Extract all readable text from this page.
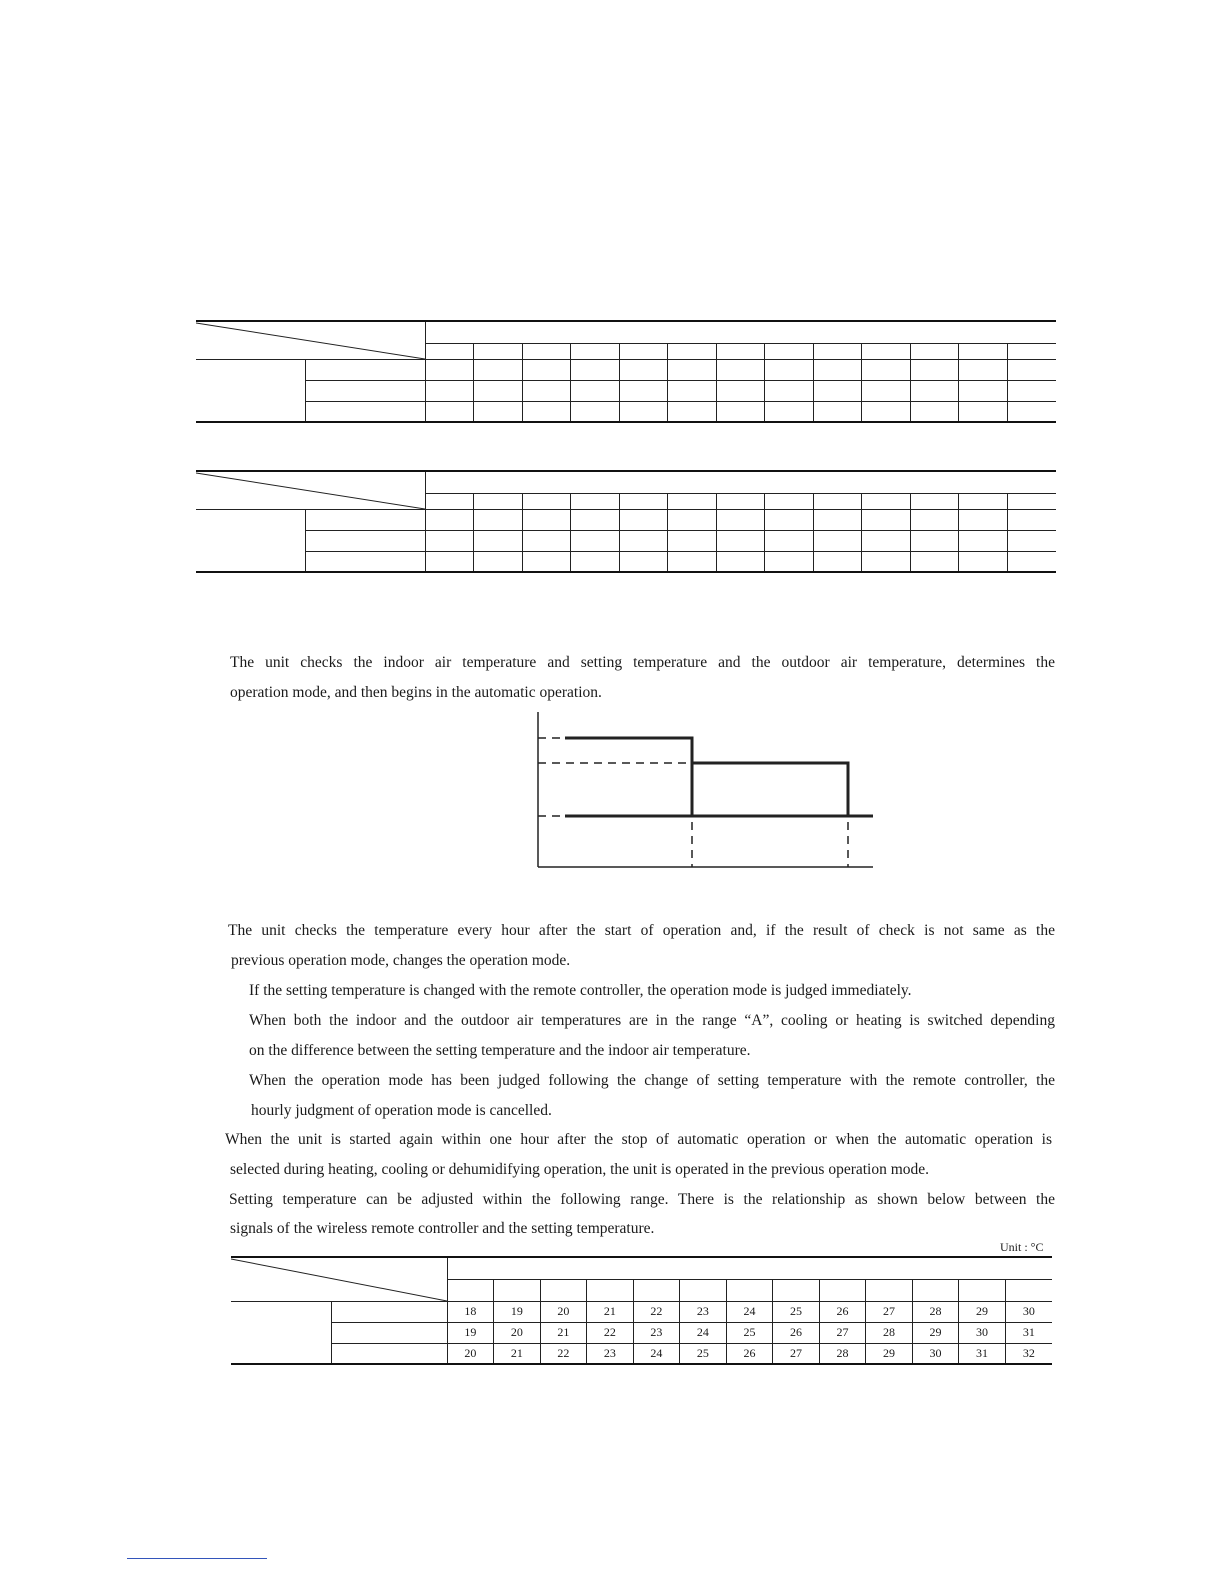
The unit checks the indoor air temperature and setting temperature and the outdoor air temperature, determines the

operation mode, and then begins in the automatic operation.

The unit checks the temperature every hour after the start of operation and, if the result of check is not same as the

previous operation mode, changes the operation mode.

If the setting temperature is changed with the remote controller, the operation mode is judged immediately.

When both the indoor and the outdoor air temperatures are in the range “A”, cooling or heating is switched depending

on the difference between the setting temperature and the indoor air temperature.

When the operation mode has been judged following the change of setting temperature with the remote controller, the

hourly judgment of operation mode is cancelled.

When the unit is started again within one hour after the stop of automatic operation or when the automatic operation is

selected during heating, cooling or dehumidifying operation, the unit is operated in the previous operation mode.

Setting temperature can be adjusted within the following range. There is the relationship as shown below between the

signals of the wireless remote controller and the setting temperature.

Unit : °C

		18	19	20	21	22	23	24	25	26	27	28	29	30
		19	20	21	22	23	24	25	26	27	28	29	30	31
		20	21	22	23	24	25	26	27	28	29	30	31	32
